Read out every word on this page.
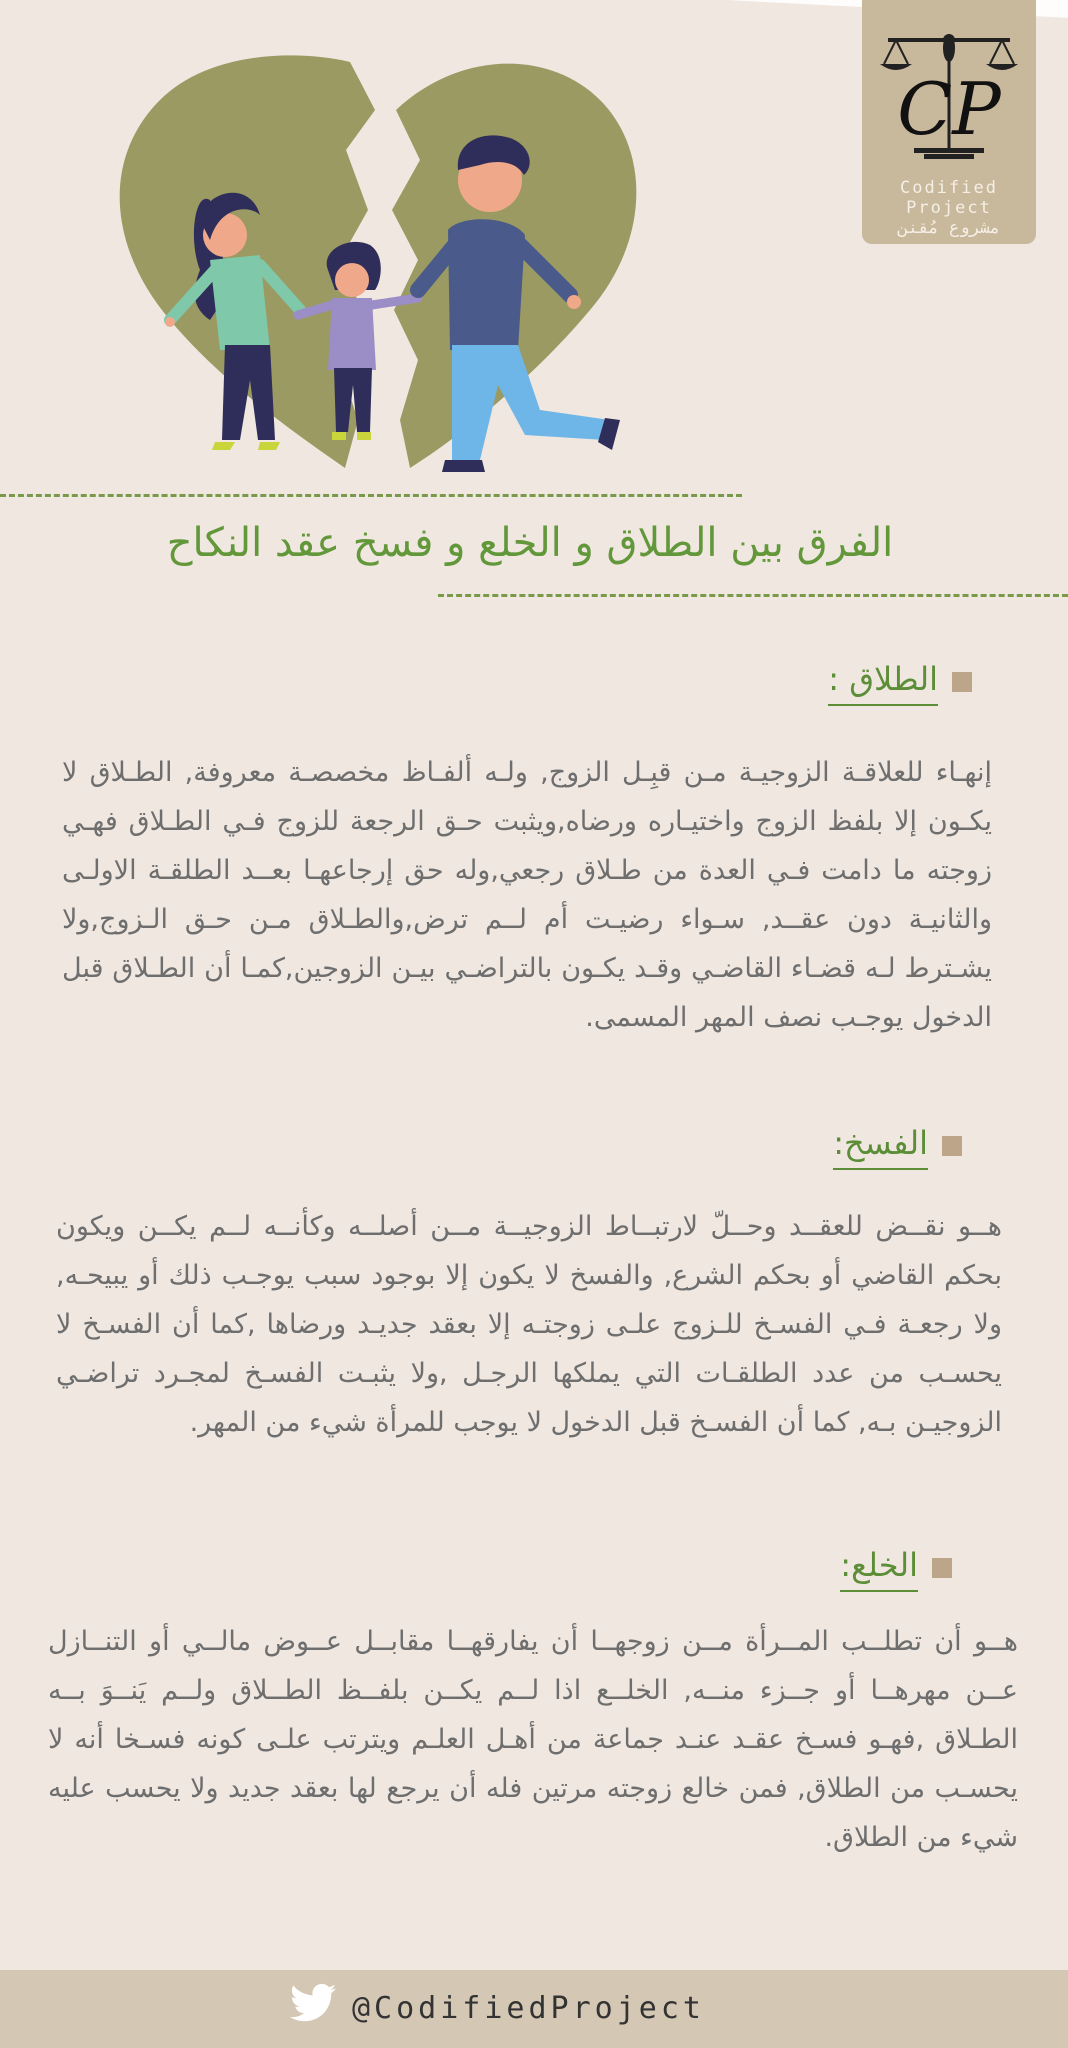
CP
Codified Project
مشروع مُقنن
الفرق بين الطلاق و الخلع و فسخ عقد النكاح
الطلاق :
إنهـاء للعلاقـة الزوجيـة مـن قبِـل الزوج, ولـه ألفـاظ مخصصـة معروفة, الطـلاق لا يكـون إلا بلفظ الزوج واختيـاره ورضاه,ويثبت حـق الرجعة للزوج فـي الطـلاق فهـي زوجته ما دامت فـي العدة من طـلاق رجعي,وله حق إرجاعهـا بعــد الطلقـة الاولـى والثانيـة دون عقــد, سـواء رضيـت أم لــم ترض,والطـلاق مـن حـق الـزوج,ولا يشـترط لـه قضـاء القاضـي وقـد يكـون بالتراضـي بيـن الزوجين,كمـا أن الطـلاق قبل الدخول يوجـب نصف المهر المسمى.
الفسخ:
هــو نقــض للعقــد وحــلّ لارتبــاط الزوجيــة مــن أصلــه وكأنــه لــم يكــن ويكون بحكم القاضي أو بحكم الشرع, والفسخ لا يكون إلا بوجود سبب يوجـب ذلك أو يبيحـه, ولا رجعـة فـي الفسـخ للـزوج علـى زوجتـه إلا بعقد جديـد ورضاها ,كما أن الفسـخ لا يحسـب من عدد الطلقـات التي يملكها الرجـل ,ولا يثبـت الفسـخ لمجـرد تراضـي الزوجيـن بـه, كما أن الفسـخ قبل الدخول لا يوجب للمرأة شيء من المهر.
الخلع:
هــو أن تطلــب المــرأة مــن زوجهــا أن يفارقهــا مقابــل عــوض مالــي أو التنــازل عــن مهرهــا أو جــزء منــه, الخلــع اذا لــم يكــن بلفــظ الطــلاق ولــم يَنــوَ بــه الطـلاق ,فهـو فسـخ عقـد عنـد جماعة من أهـل العلـم ويترتب علـى كونه فسـخا أنه لا يحسـب من الطلاق, فمن خالع زوجته مرتين فله أن يرجع لها بعقد جديد ولا يحسب عليه شيء من الطلاق.
@CodifiedProject
